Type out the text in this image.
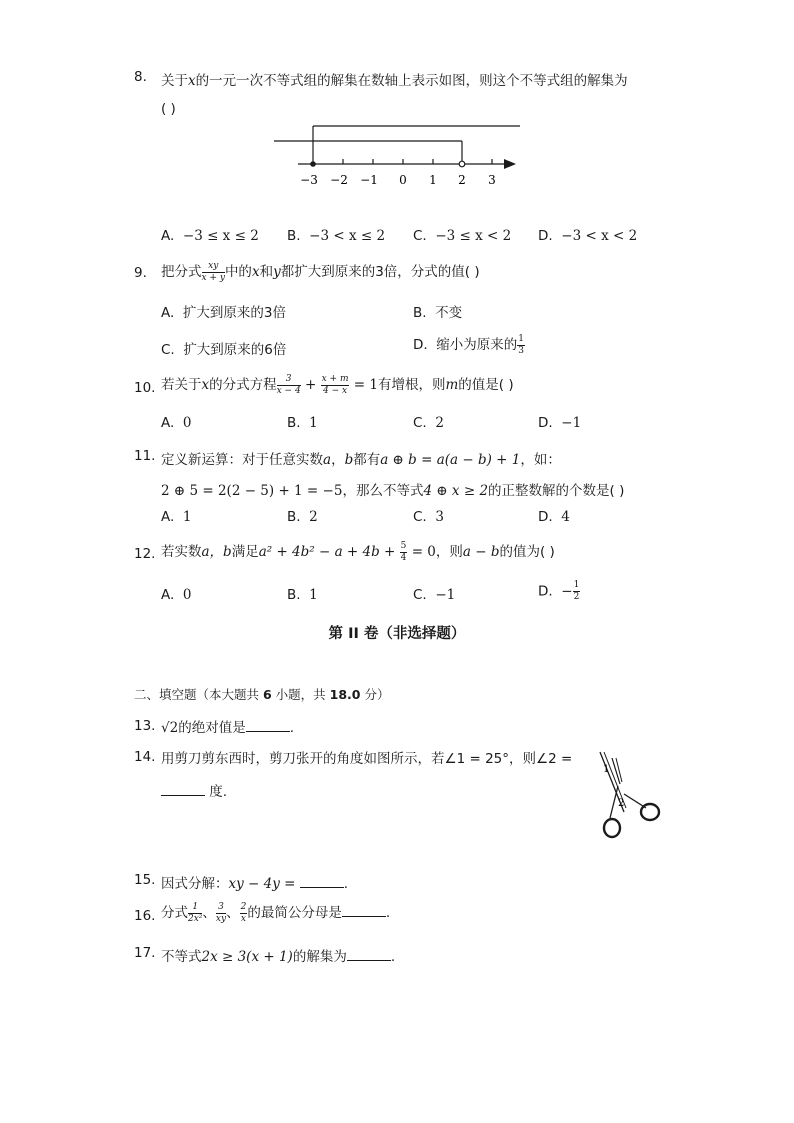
8. 关于x的一元一次不等式组的解集在数轴上表示如图，则这个不等式组的解集为
( )
−3 −2 −1 0 1 2 3
A. −3 ≤ x ≤ 2 B. −3 < x ≤ 2 C. −3 ≤ x < 2 D. −3 < x < 2
9. 把分式 $\frac{xy}{x + y}$ 中的x和y都扩大到原来的3倍，分式的值( )
A. 扩大到原来的3倍	B. 不变
C. 扩大到原来的6倍	D. 缩小为原来的 $\frac{1}{3}$
10. 若关于x的分式方程 $\frac{3}{x - 4} + \frac{x + m}{4 - x} = 1$有增根，则m的值是( )
A. 0	B. 1	C. 2	D. −1
11. 定义新运算：对于任意实数a，b都有a ⊕ b = a(a − b) + 1，如：
2 ⊕ 5 = 2(2 − 5) + 1 = −5，那么不等式4 ⊕ x ≥ 2的正整数解的个数是( )
A. 1	B. 2	C. 3	D. 4
12. 若实数a，b满足$a^2 + 4b^2 - a + 4b + \frac{5}{4} = 0$，则a − b的值为( )
A. 0	B. 1	C. −1	D. − $\frac{1}{2}$
第 II 卷（非选择题）
二、填空题（本大题共 6 小题，共 18.0 分）
13. √2的绝对值是	.
14. 用剪刀剪东西时，剪刀张开的角度如图所示，若∠1 = 25°，则∠2 =
度.
1
2
15. 因式分解：xy − 4y =	.
16. 分式 $\frac{1}{\text{2x²}}$ 、 $\frac{3}{xy}$ 、 $\frac{2}{x}$ 的最简公分母是	.
17. 不等式2x ≥ 3(x + 1)的解集为	.
